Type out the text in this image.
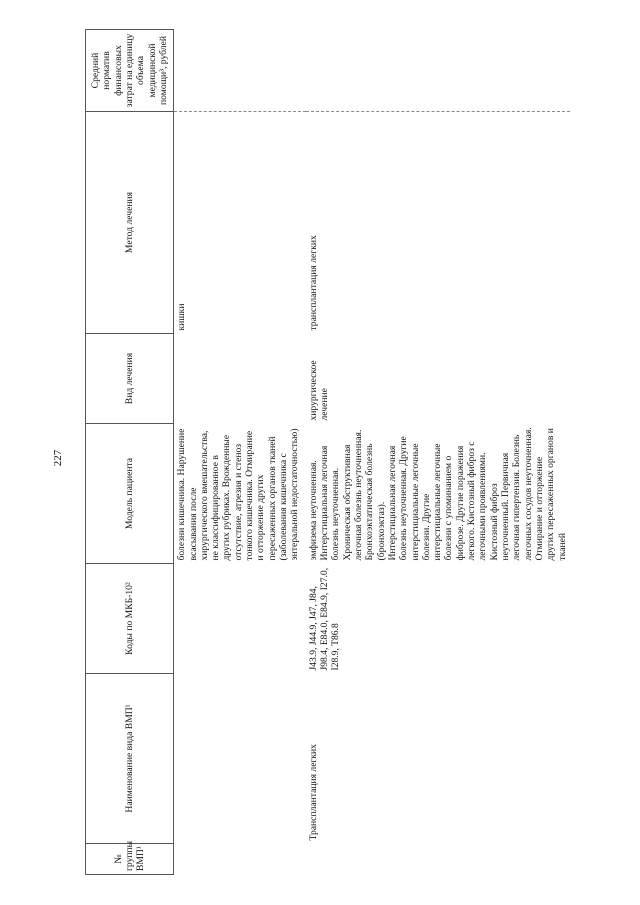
227
№ группы ВМП¹	Наименование вида ВМП¹	Коды по МКБ-10²	Модель пациента	Вид лечения	Метод лечения	Средний норматив финансовых затрат на единицу объема медицинской помощи³, рублей
			болезни кишечника. Нарушение всасывания после хирургического вмешательства, не классифицированное в других рубриках. Врожденные отсутствие, атрезия и стеноз тонкого кишечника. Отмирание и отторжение других пересаженных органов тканей (заболевания кишечника с энтеральной недостаточностью)		кишки	
	Трансплантация легких	J43.9, J44.9, J47, J84, J98.4, E84.0, E84.9, I27.0, I28.9, T86.8	эмфизема неуточненная. Интерстициальная легочная болезнь неуточненная. Хроническая обструктивная легочная болезнь неуточненная. Бронхоэктатическая болезнь (бронхоэктаз). Интерстициальная легочная болезнь неуточненная. Другие интерстициальные легочные болезни. Другие интерстициальные легочные болезни с упоминанием о фиброзе. Другие поражения легкого. Кистозный фиброз с легочными проявлениями. Кистозный фиброз неуточненный. Первичная легочная гипертензия. Болезнь легочных сосудов неуточненная. Отмирание и отторжение других пересаженных органов и тканей	хирургическое лечение	трансплантация легких	
